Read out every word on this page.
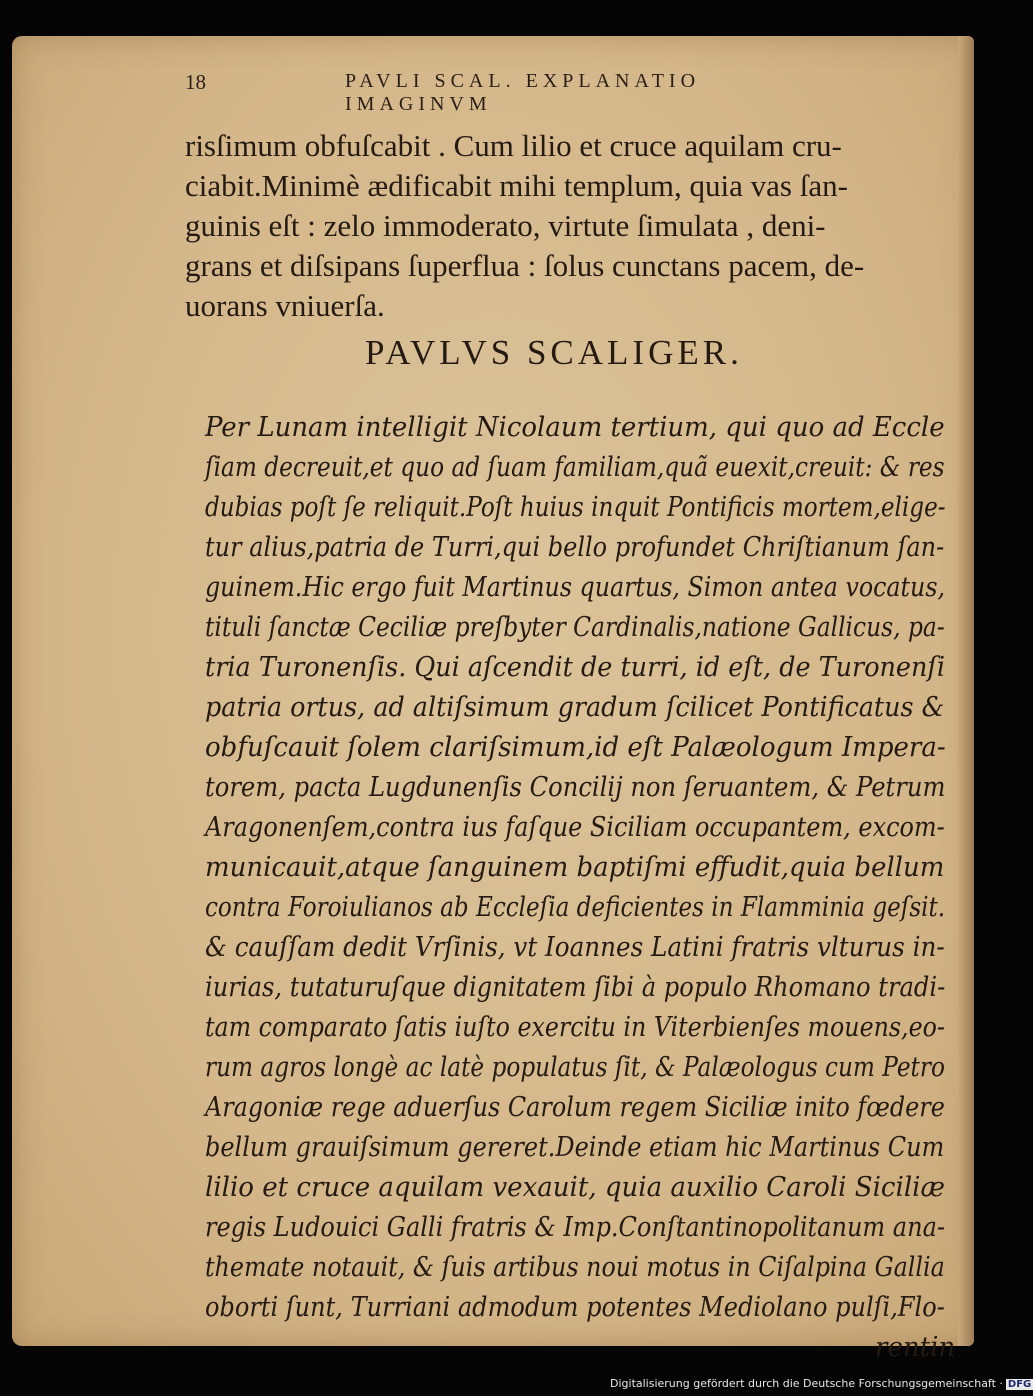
18	PAVLI SCAL. EXPLANATIO IMAGINVM
risſimum obfuſcabit . Cum lilio et cruce aquilam cru-
ciabit.Minimè ædificabit mihi templum, quia vas ſan-
guinis eſt : zelo immoderato, virtute ſimulata , deni-
grans et diſsipans ſuperflua : ſolus cunctans pacem, de-
uorans vniuerſa.
PAVLVS SCALIGER.
Per Lunam intelligit Nicolaum tertium, qui quo ad Eccle
ſiam decreuit,et quo ad ſuam familiam,quã euexit,creuit: & res
dubias poſt ſe reliquit.Poſt huius inquit Pontificis mortem,elige-
tur alius,patria de Turri,qui bello profundet Chriſtianum ſan-
guinem.Hic ergo fuit Martinus quartus, Simon antea vocatus,
tituli ſanctæ Ceciliæ preſbyter Cardinalis,natione Gallicus, pa-
tria Turonenſis. Qui aſcendit de turri, id eſt, de Turonenſi
patria ortus, ad altiſsimum gradum ſcilicet Pontificatus &
obfuſcauit ſolem clariſsimum,id eſt Palæologum Impera-
torem, pacta Lugdunenſis Concilij non ſeruantem, & Petrum
Aragonenſem,contra ius faſque Siciliam occupantem, excom-
municauit,atque ſanguinem baptiſmi effudit,quia bellum
contra Foroiulianos ab Eccleſia deficientes in Flamminia geſsit.
& cauſſam dedit Vrſinis, vt Ioannes Latini fratris vlturus in-
iurias, tutaturuſque dignitatem ſibi à populo Rhomano tradi-
tam comparato ſatis iuſto exercitu in Viterbienſes mouens,eo-
rum agros longè ac latè populatus ſit, & Palæologus cum Petro
Aragoniæ rege aduerſus Carolum regem Siciliæ inito fœdere
bellum grauiſsimum gereret.Deinde etiam hic Martinus Cum
lilio et cruce aquilam vexauit, quia auxilio Caroli Siciliæ
regis Ludouici Galli fratris & Imp.Conſtantinopolitanum ana-
themate notauit, & ſuis artibus noui motus in Ciſalpina Gallia
oborti ſunt, Turriani admodum potentes Mediolano pulſi,Flo-
rentin
Digitalisierung gefördert durch die Deutsche Forschungsgemeinschaft · DFG
